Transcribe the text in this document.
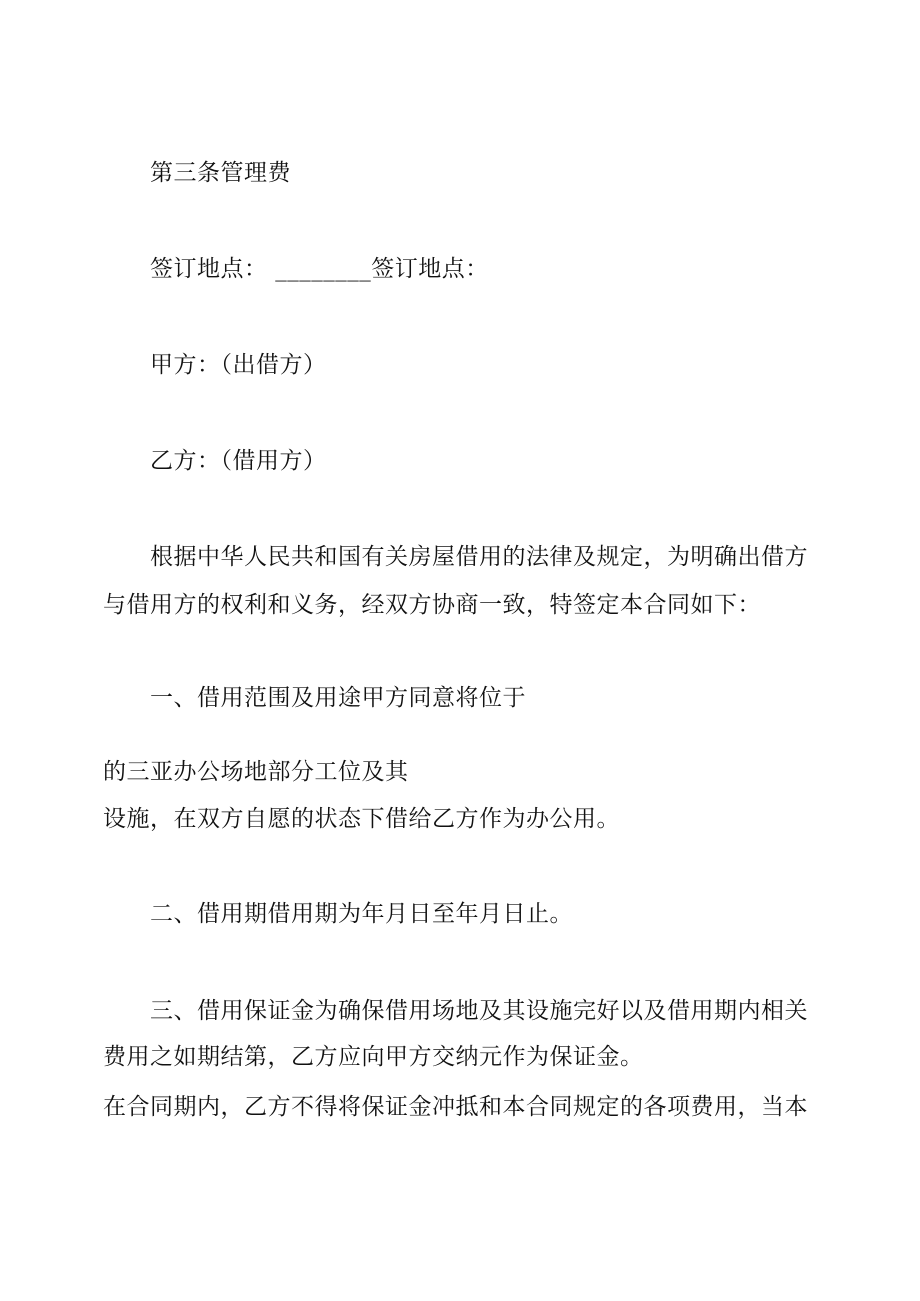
第三条管理费

签订地点： ________签订地点：

甲方：（出借方）

乙方：（借用方）

根据中华人民共和国有关房屋借用的法律及规定，为明确出借方

与借用方的权利和义务，经双方协商一致，特签定本合同如下：

一、借用范围及用途甲方同意将位于

的三亚办公场地部分工位及其

设施，在双方自愿的状态下借给乙方作为办公用。

二、借用期借用期为年月日至年月日止。

三、借用保证金为确保借用场地及其设施完好以及借用期内相关

费用之如期结第，乙方应向甲方交纳元作为保证金。

在合同期内，乙方不得将保证金冲抵和本合同规定的各项费用，当本
